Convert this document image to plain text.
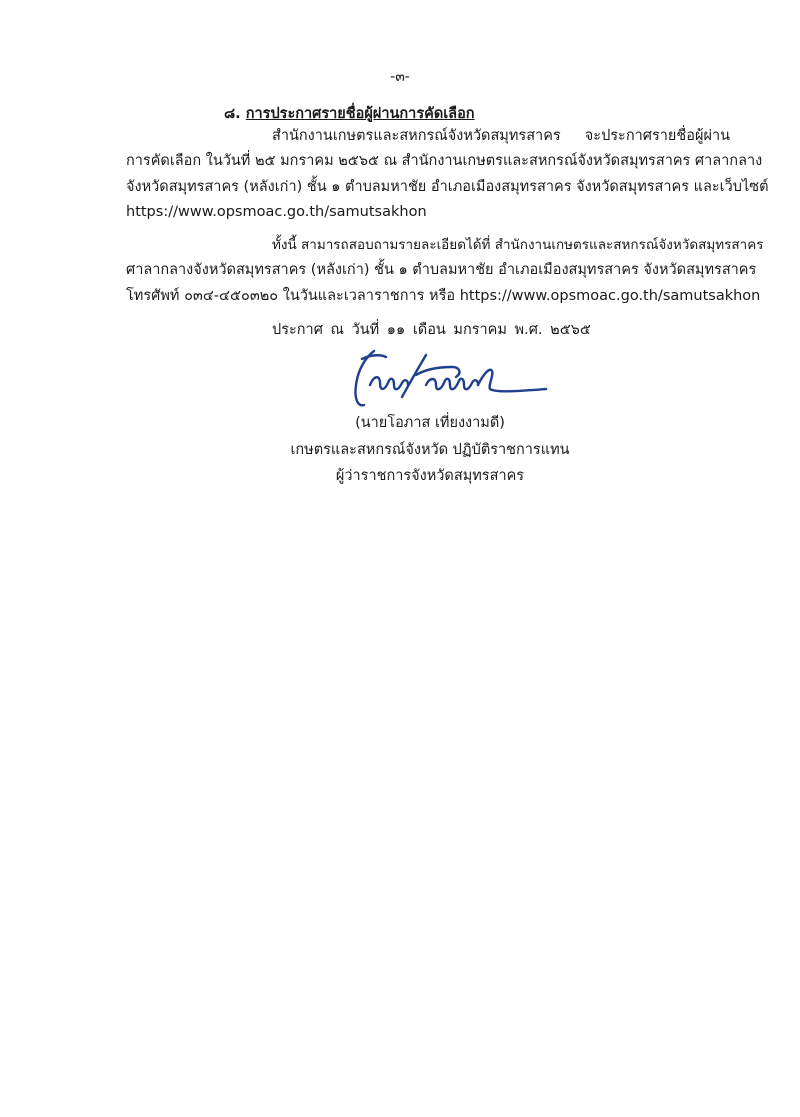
-๓-
๘. การประกาศรายชื่อผู้ผ่านการคัดเลือก
สำนักงานเกษตรและสหกรณ์จังหวัดสมุทรสาคร จะประกาศรายชื่อผู้ผ่าน
การคัดเลือก ในวันที่ ๒๕ มกราคม ๒๕๖๕ ณ สำนักงานเกษตรและสหกรณ์จังหวัดสมุทรสาคร ศาลากลาง
จังหวัดสมุทรสาคร (หลังเก่า) ชั้น ๑ ตำบลมหาชัย อำเภอเมืองสมุทรสาคร จังหวัดสมุทรสาคร และเว็บไซต์
https://www.opsmoac.go.th/samutsakhon
ทั้งนี้ สามารถสอบถามรายละเอียดได้ที่ สำนักงานเกษตรและสหกรณ์จังหวัดสมุทรสาคร
ศาลากลางจังหวัดสมุทรสาคร (หลังเก่า) ชั้น ๑ ตำบลมหาชัย อำเภอเมืองสมุทรสาคร จังหวัดสมุทรสาคร
โทรศัพท์ ๐๓๔-๔๕๐๓๒๐ ในวันและเวลาราชการ หรือ https://www.opsmoac.go.th/samutsakhon
ประกาศ ณ วันที่ ๑๑ เดือน มกราคม พ.ศ. ๒๕๖๕
(นายโอภาส เที่ยงงามดี)
เกษตรและสหกรณ์จังหวัด ปฏิบัติราชการแทน
ผู้ว่าราชการจังหวัดสมุทรสาคร
